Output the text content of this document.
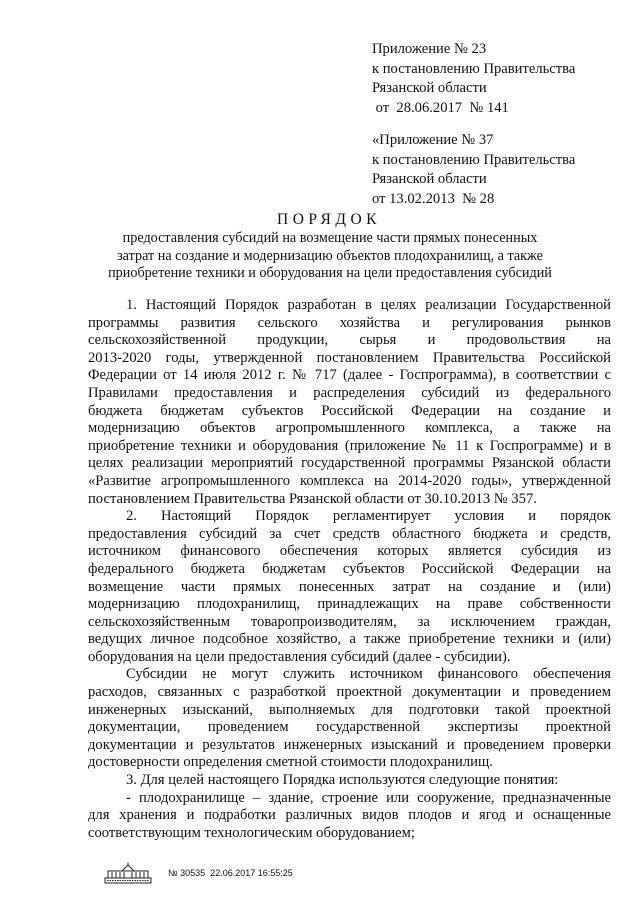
Приложение № 23
к постановлению Правительства
Рязанской области
от  28.06.2017  № 141
«Приложение № 37
к постановлению Правительства
Рязанской области
от 13.02.2013  № 28
ПОРЯДОК
предоставления субсидий на возмещение части прямых понесенных
затрат на создание и модернизацию объектов плодохранилищ, а также
приобретение техники и оборудования на цели предоставления субсидий
1. Настоящий Порядок разработан в целях реализации Государственной
программы развития сельского хозяйства и регулирования рынков
сельскохозяйственной продукции, сырья и продовольствия на
2013-2020 годы, утвержденной постановлением Правительства Российской
Федерации от 14 июля 2012 г. № 717 (далее - Госпрограмма), в соответствии с
Правилами предоставления и распределения субсидий из федерального
бюджета бюджетам субъектов Российской Федерации на создание и
модернизацию объектов агропромышленного комплекса, а также на
приобретение техники и оборудования (приложение № 11 к Госпрограмме) и в
целях реализации мероприятий государственной программы Рязанской области
«Развитие агропромышленного комплекса на 2014-2020 годы», утвержденной
постановлением Правительства Рязанской области от 30.10.2013 № 357.
2. Настоящий Порядок регламентирует условия и порядок
предоставления субсидий за счет средств областного бюджета и средств,
источником финансового обеспечения которых является субсидия из
федерального бюджета бюджетам субъектов Российской Федерации на
возмещение части прямых понесенных затрат на создание и (или)
модернизацию плодохранилищ, принадлежащих на праве собственности
сельскохозяйственным товаропроизводителям, за исключением граждан,
ведущих личное подсобное хозяйство, а также приобретение техники и (или)
оборудования на цели предоставления субсидий (далее - субсидии).
Субсидии не могут служить источником финансового обеспечения
расходов, связанных с разработкой проектной документации и проведением
инженерных изысканий, выполняемых для подготовки такой проектной
документации, проведением государственной экспертизы проектной
документации и результатов инженерных изысканий и проведением проверки
достоверности определения сметной стоимости плодохранилищ.
3. Для целей настоящего Порядка используются следующие понятия:
- плодохранилище – здание, строение или сооружение, предназначенные
для хранения и подработки различных видов плодов и ягод и оснащенные
соответствующим технологическим оборудованием;
№ 30535  22.06.2017 16:55:25
